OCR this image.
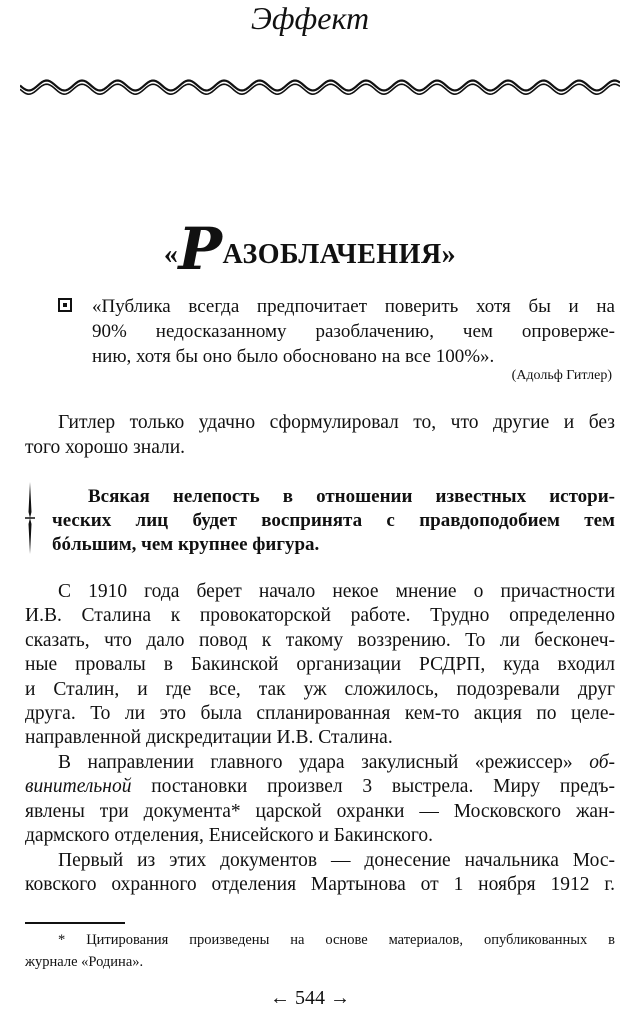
Эффект
«РАЗОБЛАЧЕНИЯ»
«Публика всегда предпочитает поверить хотя бы и на
90% недосказанному разоблачению, чем опроверже-
нию, хотя бы оно было обосновано на все 100%».
(Адольф Гитлер)
Гитлер только удачно сформулировал то, что другие и без
того хорошо знали.
Всякая нелепость в отношении известных истори-
ческих лиц будет воспринята с правдоподобием тем
бóльшим, чем крупнее фигура.
С 1910 года берет начало некое мнение о причастности
И.В. Сталина к провокаторской работе. Трудно определенно
сказать, что дало повод к такому воззрению. То ли бесконеч-
ные провалы в Бакинской организации РСДРП, куда входил
и Сталин, и где все, так уж сложилось, подозревали друг
друга. То ли это была спланированная кем-то акция по целе-
направленной дискредитации И.В. Сталина.
В направлении главного удара закулисный «режиссер» об-
винительной постановки произвел 3 выстрела. Миру предъ-
явлены три документа* царской охранки — Московского жан-
дармского отделения, Енисейского и Бакинского.
Первый из этих документов — донесение начальника Мос-
ковского охранного отделения Мартынова от 1 ноября 1912 г.
* Цитирования произведены на основе материалов, опубликованных в
журнале «Родина».
← 544 →
